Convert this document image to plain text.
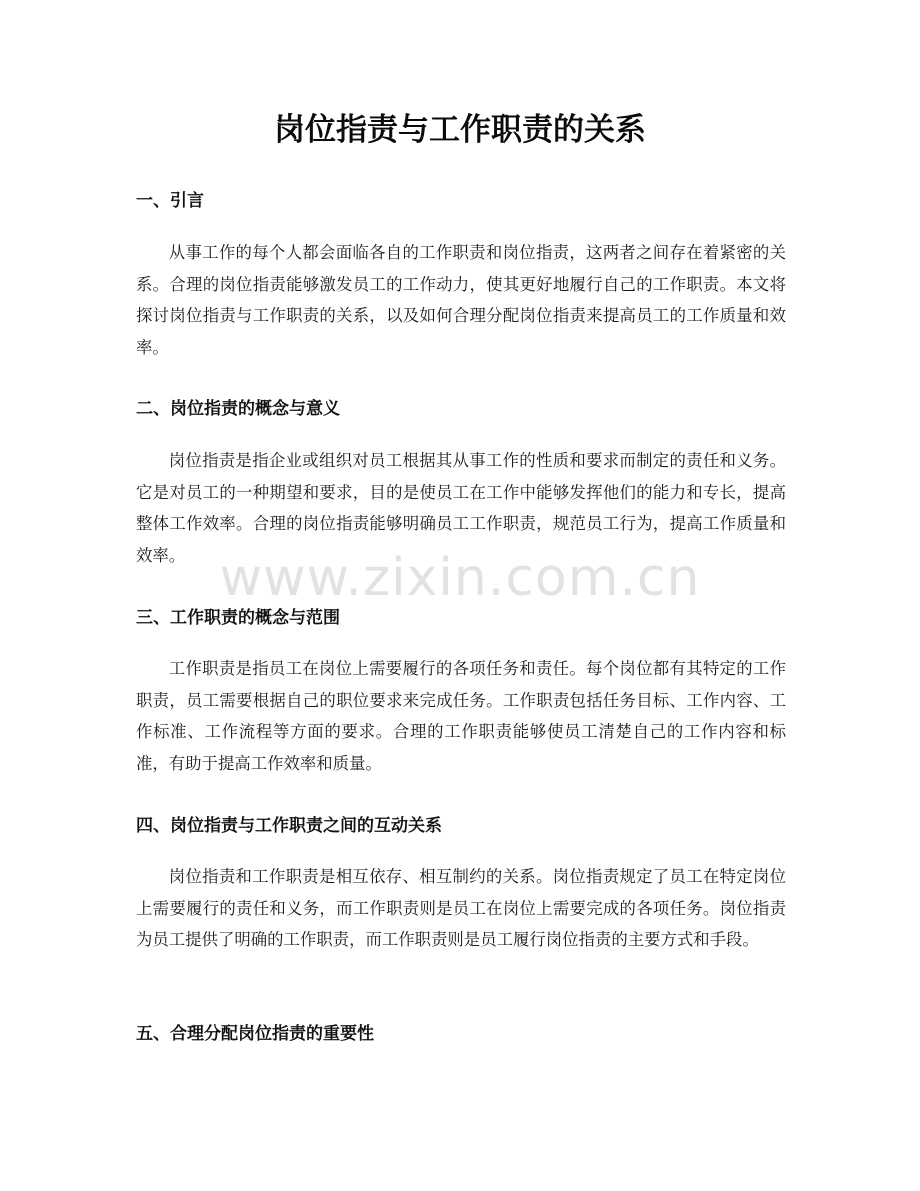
岗位指责与工作职责的关系
一、引言

从事工作的每个人都会面临各自的工作职责和岗位指责，这两者之间存在着紧密的关系。合理的岗位指责能够激发员工的工作动力，使其更好地履行自己的工作职责。本文将探讨岗位指责与工作职责的关系，以及如何合理分配岗位指责来提高员工的工作质量和效率。

二、岗位指责的概念与意义

岗位指责是指企业或组织对员工根据其从事工作的性质和要求而制定的责任和义务。它是对员工的一种期望和要求，目的是使员工在工作中能够发挥他们的能力和专长，提高整体工作效率。合理的岗位指责能够明确员工工作职责，规范员工行为，提高工作质量和效率。

三、工作职责的概念与范围

工作职责是指员工在岗位上需要履行的各项任务和责任。每个岗位都有其特定的工作职责，员工需要根据自己的职位要求来完成任务。工作职责包括任务目标、工作内容、工作标准、工作流程等方面的要求。合理的工作职责能够使员工清楚自己的工作内容和标准，有助于提高工作效率和质量。

四、岗位指责与工作职责之间的互动关系

岗位指责和工作职责是相互依存、相互制约的关系。岗位指责规定了员工在特定岗位上需要履行的责任和义务，而工作职责则是员工在岗位上需要完成的各项任务。岗位指责为员工提供了明确的工作职责，而工作职责则是员工履行岗位指责的主要方式和手段。

五、合理分配岗位指责的重要性
www.zixin.com.cn
